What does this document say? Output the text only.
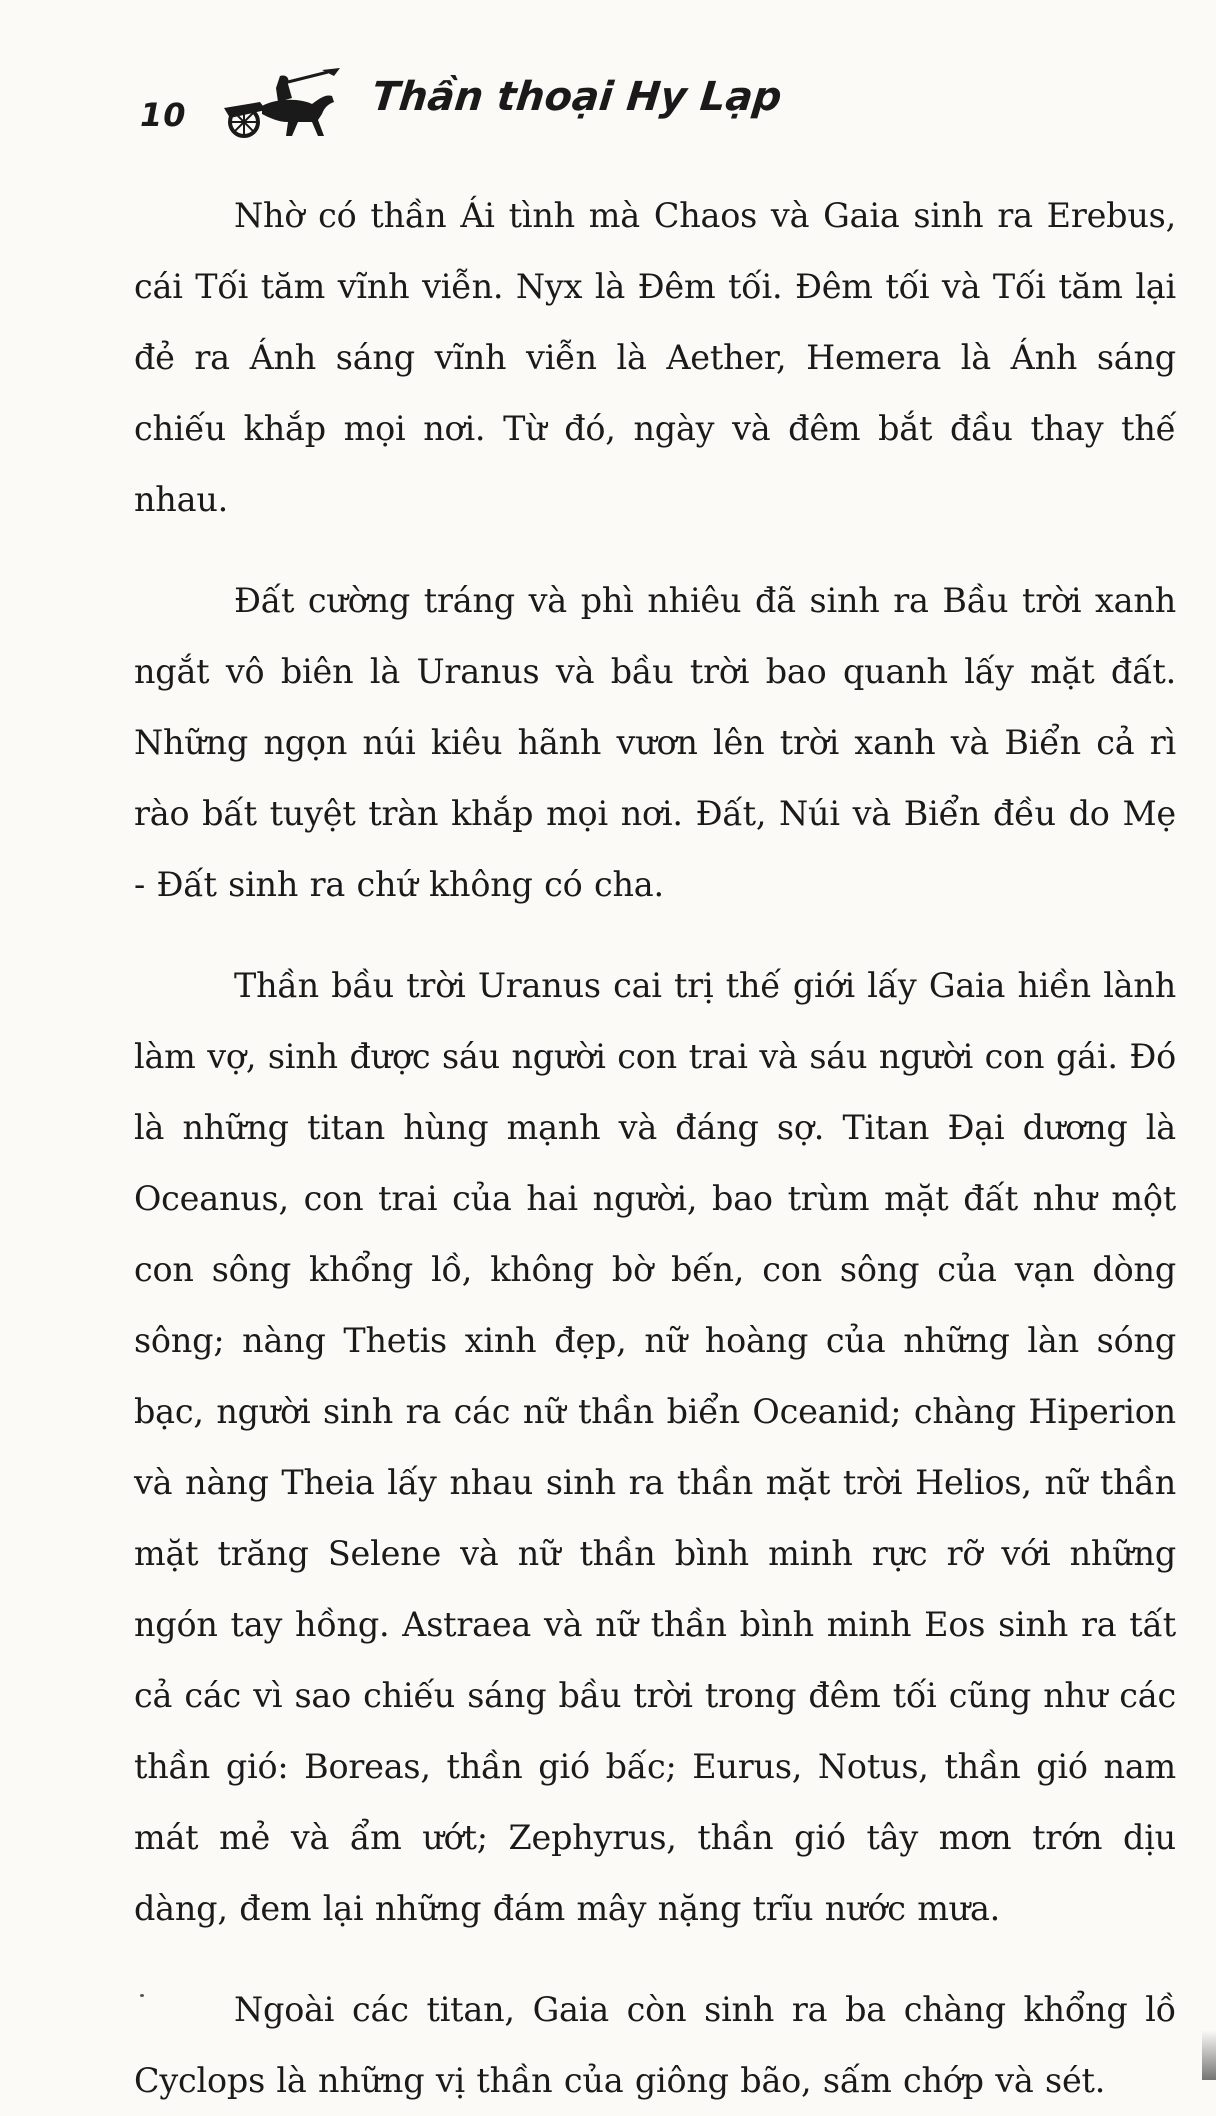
10	Thần thoại Hy Lạp

Nhờ có thần Ái tình mà Chaos và Gaia sinh ra Erebus, cái Tối tăm vĩnh viễn. Nyx là Đêm tối. Đêm tối và Tối tăm lại đẻ ra Ánh sáng vĩnh viễn là Aether, Hemera là Ánh sáng chiếu khắp mọi nơi. Từ đó, ngày và đêm bắt đầu thay thế nhau.

Đất cường tráng và phì nhiêu đã sinh ra Bầu trời xanh ngắt vô biên là Uranus và bầu trời bao quanh lấy mặt đất. Những ngọn núi kiêu hãnh vươn lên trời xanh và Biển cả rì rào bất tuyệt tràn khắp mọi nơi. Đất, Núi và Biển đều do Mẹ - Đất sinh ra chứ không có cha.

Thần bầu trời Uranus cai trị thế giới lấy Gaia hiền lành làm vợ, sinh được sáu người con trai và sáu người con gái. Đó là những titan hùng mạnh và đáng sợ. Titan Đại dương là Oceanus, con trai của hai người, bao trùm mặt đất như một con sông khổng lồ, không bờ bến, con sông của vạn dòng sông; nàng Thetis xinh đẹp, nữ hoàng của những làn sóng bạc, người sinh ra các nữ thần biển Oceanid; chàng Hiperion và nàng Theia lấy nhau sinh ra thần mặt trời Helios, nữ thần mặt trăng Selene và nữ thần bình minh rực rỡ với những ngón tay hồng. Astraea và nữ thần bình minh Eos sinh ra tất cả các vì sao chiếu sáng bầu trời trong đêm tối cũng như các thần gió: Boreas, thần gió bấc; Eurus, Notus, thần gió nam mát mẻ và ẩm ướt; Zephyrus, thần gió tây mơn trớn dịu dàng, đem lại những đám mây nặng trĩu nước mưa.

Ngoài các titan, Gaia còn sinh ra ba chàng khổng lồ Cyclops là những vị thần của giông bão, sấm chớp và sét.
